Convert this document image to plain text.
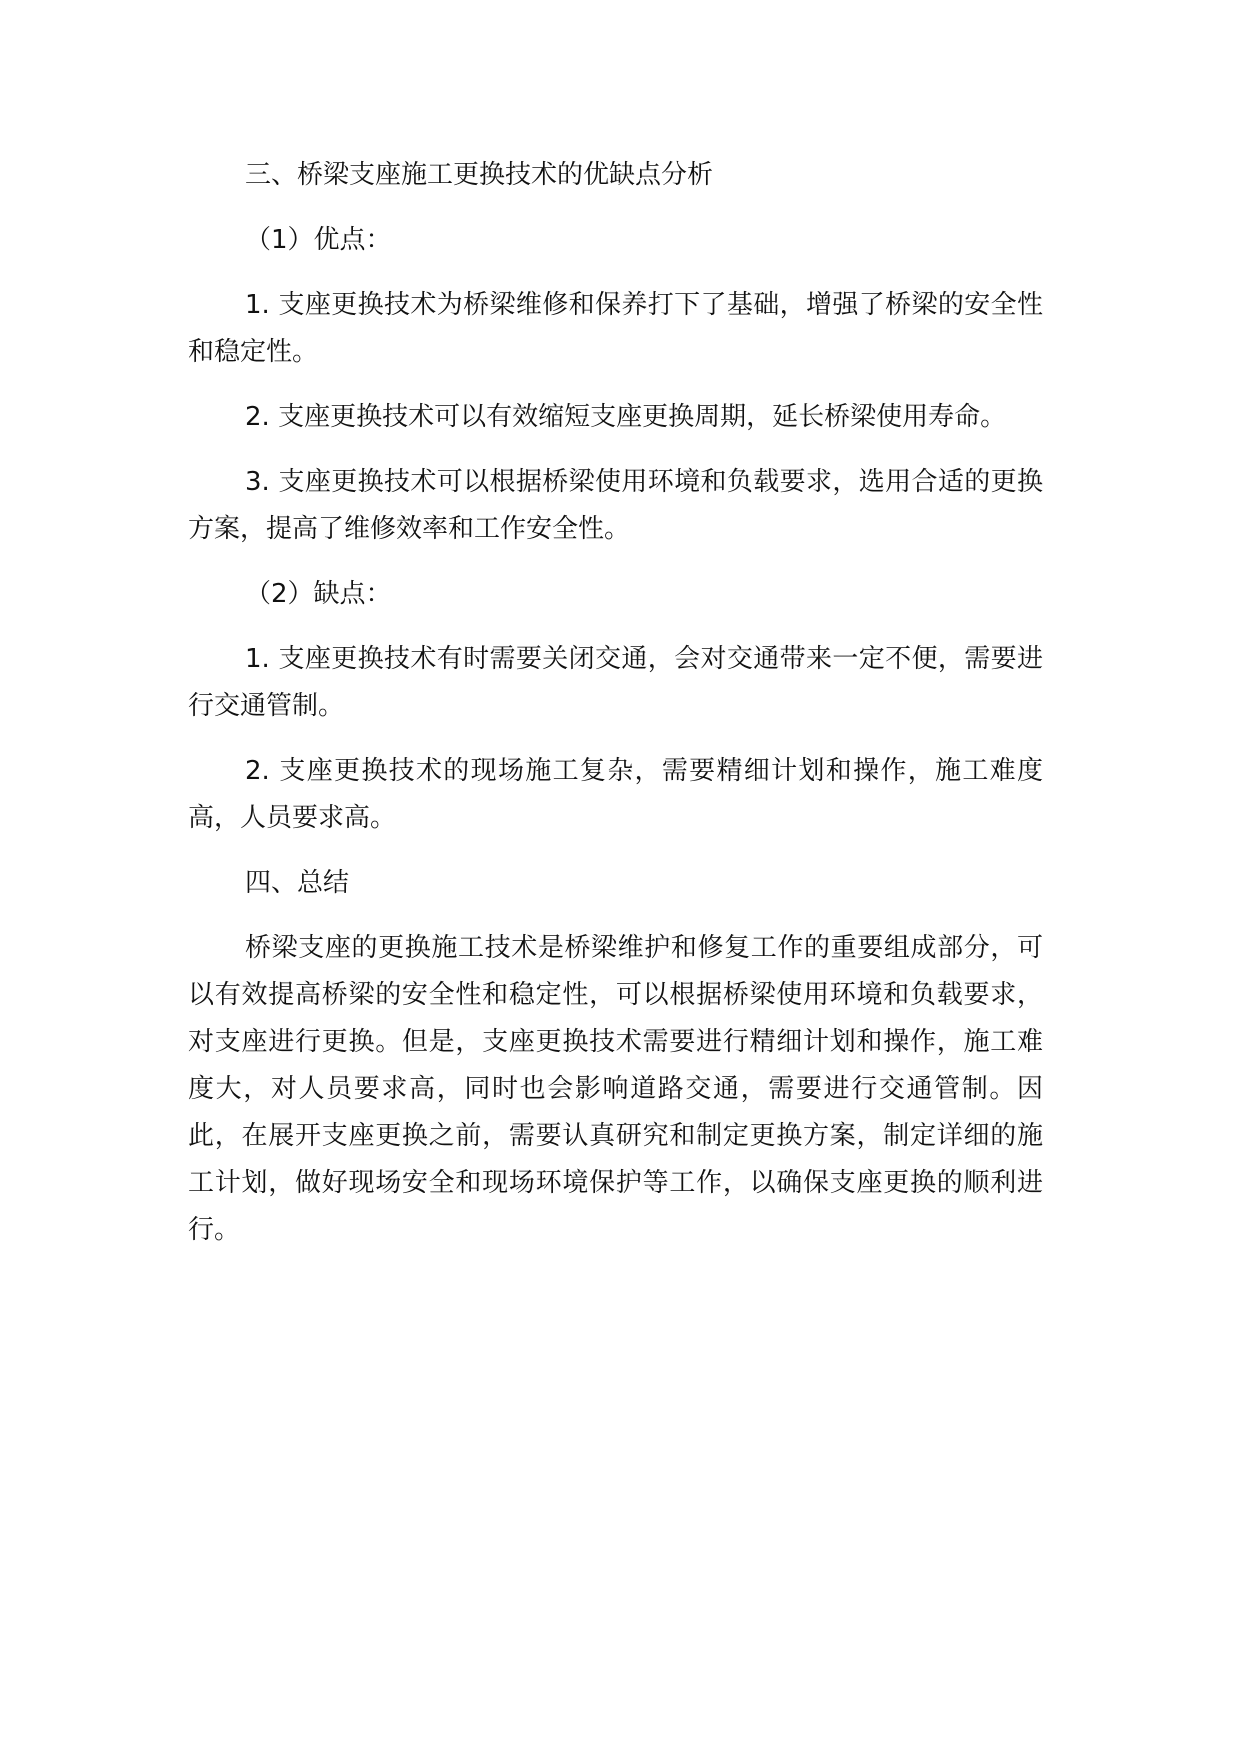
三、桥梁支座施工更换技术的优缺点分析

（1）优点：

1. 支座更换技术为桥梁维修和保养打下了基础，增强了桥梁的安全性和稳定性。

2. 支座更换技术可以有效缩短支座更换周期，延长桥梁使用寿命。

3. 支座更换技术可以根据桥梁使用环境和负载要求，选用合适的更换方案，提高了维修效率和工作安全性。

（2）缺点：

1. 支座更换技术有时需要关闭交通，会对交通带来一定不便，需要进行交通管制。

2. 支座更换技术的现场施工复杂，需要精细计划和操作，施工难度高，人员要求高。

四、总结

桥梁支座的更换施工技术是桥梁维护和修复工作的重要组成部分，可以有效提高桥梁的安全性和稳定性，可以根据桥梁使用环境和负载要求，对支座进行更换。但是，支座更换技术需要进行精细计划和操作，施工难度大，对人员要求高，同时也会影响道路交通，需要进行交通管制。因此，在展开支座更换之前，需要认真研究和制定更换方案，制定详细的施工计划，做好现场安全和现场环境保护等工作，以确保支座更换的顺利进行。
